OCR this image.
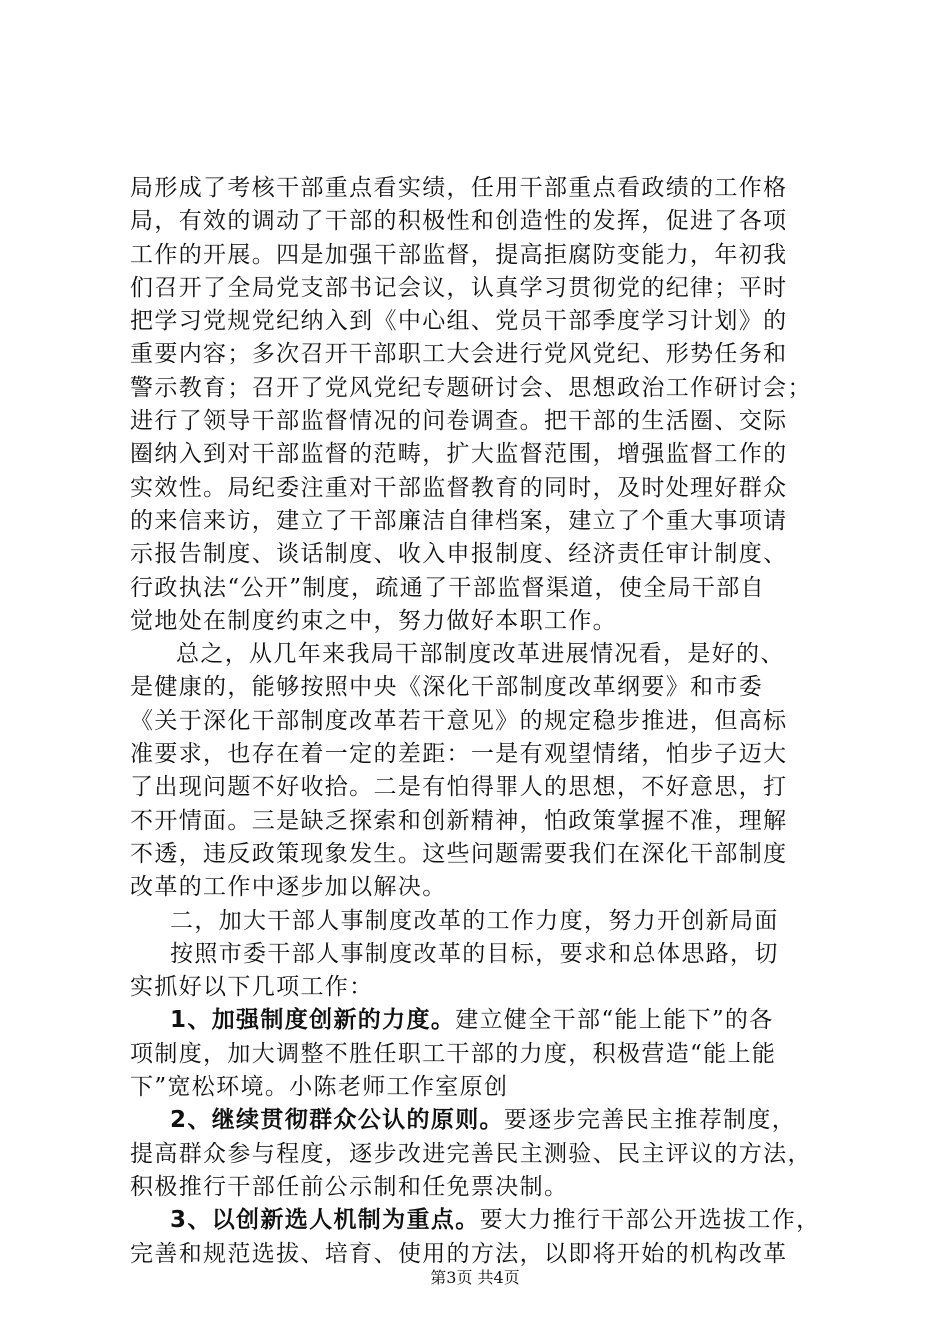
局形成了考核干部重点看实绩，任用干部重点看政绩的工作格
局，有效的调动了干部的积极性和创造性的发挥，促进了各项
工作的开展。四是加强干部监督，提高拒腐防变能力，年初我
们召开了全局党支部书记会议，认真学习贯彻党的纪律；平时
把学习党规党纪纳入到《中心组、党员干部季度学习计划》的
重要内容；多次召开干部职工大会进行党风党纪、形势任务和
警示教育；召开了党风党纪专题研讨会、思想政治工作研讨会；
进行了领导干部监督情况的问卷调查。把干部的生活圈、交际
圈纳入到对干部监督的范畴，扩大监督范围，增强监督工作的
实效性。局纪委注重对干部监督教育的同时，及时处理好群众
的来信来访，建立了干部廉洁自律档案，建立了个重大事项请
示报告制度、谈话制度、收入申报制度、经济责任审计制度、
行政执法“公开”制度，疏通了干部监督渠道，使全局干部自
觉地处在制度约束之中，努力做好本职工作。
总之，从几年来我局干部制度改革进展情况看，是好的、
是健康的，能够按照中央《深化干部制度改革纲要》和市委
《关于深化干部制度改革若干意见》的规定稳步推进，但高标
准要求，也存在着一定的差距：一是有观望情绪，怕步子迈大
了出现问题不好收拾。二是有怕得罪人的思想，不好意思，打
不开情面。三是缺乏探索和创新精神，怕政策掌握不准，理解
不透，违反政策现象发生。这些问题需要我们在深化干部制度
改革的工作中逐步加以解决。
二，加大干部人事制度改革的工作力度，努力开创新局面
按照市委干部人事制度改革的目标，要求和总体思路，切
实抓好以下几项工作：
1、加强制度创新的力度。建立健全干部“能上能下”的各
项制度，加大调整不胜任职工干部的力度，积极营造“能上能
下”宽松环境。小陈老师工作室原创
2、继续贯彻群众公认的原则。要逐步完善民主推荐制度，
提高群众参与程度，逐步改进完善民主测验、民主评议的方法，
积极推行干部任前公示制和任免票决制。
3、以创新选人机制为重点。要大力推行干部公开选拔工作，
完善和规范选拔、培育、使用的方法，以即将开始的机构改革
第3页 共4页
